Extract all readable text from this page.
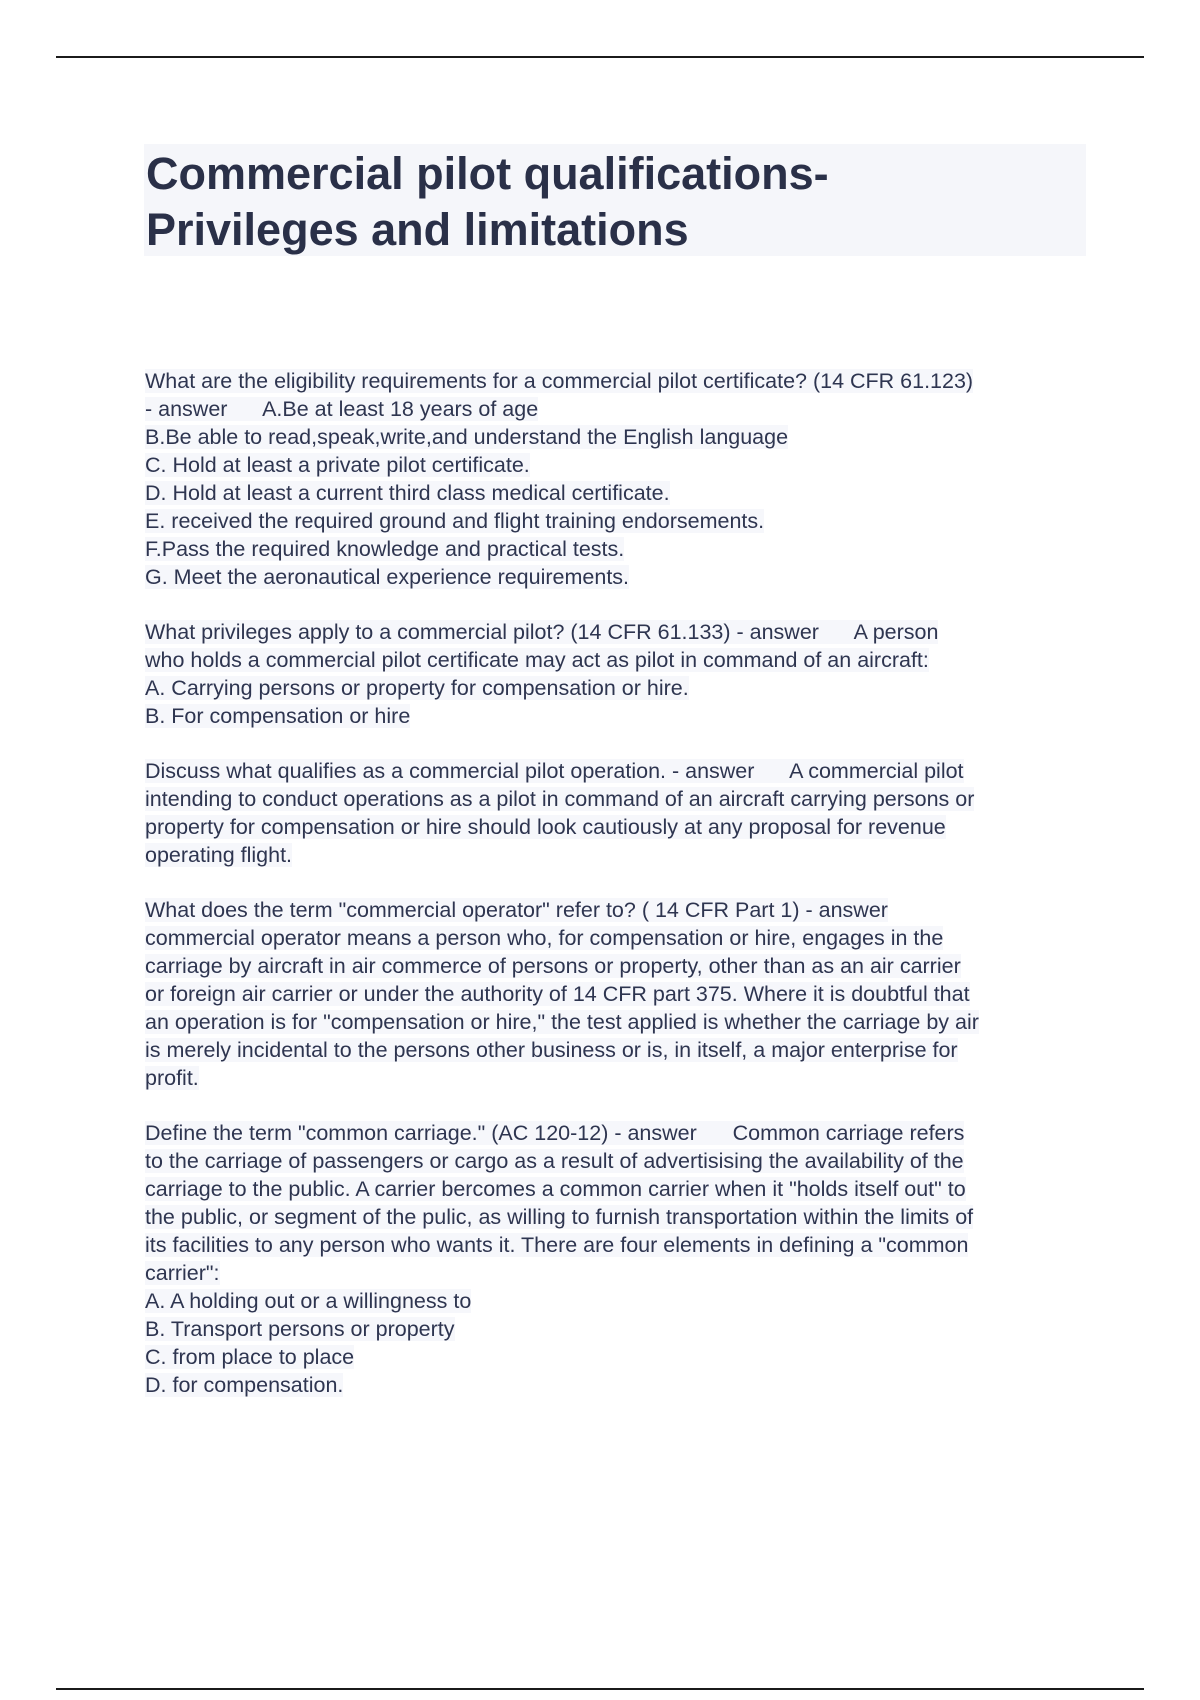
Commercial pilot qualifications-
Privileges and limitations
What are the eligibility requirements for a commercial pilot certificate? (14 CFR 61.123)
- answer      A.Be at least 18 years of age
B.Be able to read,speak,write,and understand the English language
C. Hold at least a private pilot certificate.
D. Hold at least a current third class medical certificate.
E. received the required ground and flight training endorsements.
F.Pass the required knowledge and practical tests.
G. Meet the aeronautical experience requirements.
What privileges apply to a commercial pilot? (14 CFR 61.133) - answer      A person
who holds a commercial pilot certificate may act as pilot in command of an aircraft:
A. Carrying persons or property for compensation or hire.
B. For compensation or hire
Discuss what qualifies as a commercial pilot operation. - answer      A commercial pilot
intending to conduct operations as a pilot in command of an aircraft carrying persons or
property for compensation or hire should look cautiously at any proposal for revenue
operating flight.
What does the term "commercial operator" refer to? ( 14 CFR Part 1) - answer
commercial operator means a person who, for compensation or hire, engages in the
carriage by aircraft in air commerce of persons or property, other than as an air carrier
or foreign air carrier or under the authority of 14 CFR part 375. Where it is doubtful that
an operation is for "compensation or hire," the test applied is whether the carriage by air
is merely incidental to the persons other business or is, in itself, a major enterprise for
profit.
Define the term "common carriage." (AC 120-12) - answer      Common carriage refers
to the carriage of passengers or cargo as a result of advertisising the availability of the
carriage to the public. A carrier bercomes a common carrier when it "holds itself out" to
the public, or segment of the pulic, as willing to furnish transportation within the limits of
its facilities to any person who wants it. There are four elements in defining a "common
carrier":
A. A holding out or a willingness to
B. Transport persons or property
C. from place to place
D. for compensation.
